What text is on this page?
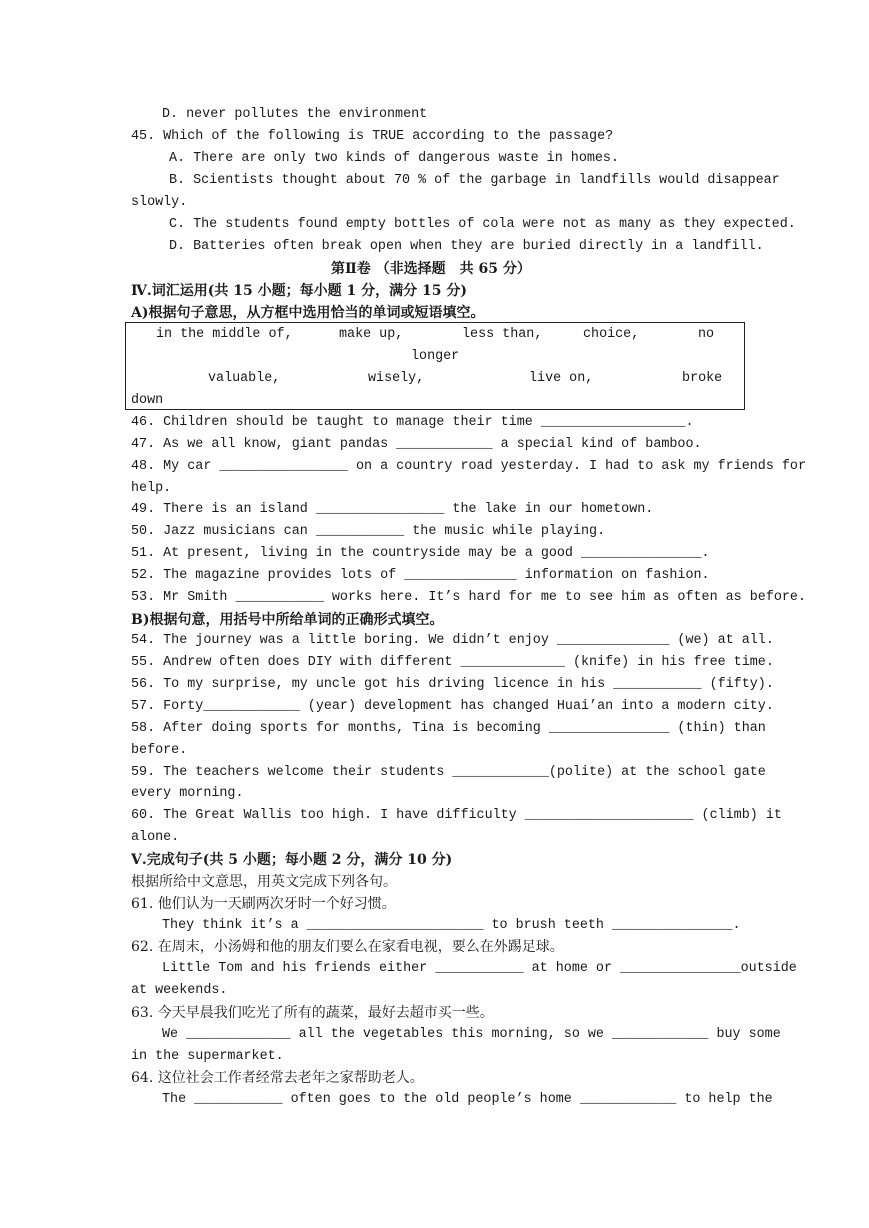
D. never pollutes the environment
45. Which of the following is TRUE according to the passage?
A. There are only two kinds of dangerous waste in homes.
B. Scientists thought about 70 % of the garbage in landfills would disappear
slowly.
C. The students found empty bottles of cola were not as many as they expected.
D. Batteries often break open when they are buried directly in a landfill.
第Ⅱ卷 （非选择题　共 65 分）
Ⅳ.词汇运用(共 15 小题；每小题 1 分，满分 15 分)
A)根据句子意思，从方框中选用恰当的单词或短语填空。
in the middle of,	make up,	less than,	choice,	no
longer
valuable,	wisely,	live on,	broke
down
46. Children should be taught to manage their time __________________.
47. As we all know, giant pandas ____________ a special kind of bamboo.
48. My car ________________ on a country road yesterday. I had to ask my friends for
help.
49. There is an island ________________ the lake in our hometown.
50. Jazz musicians can ___________ the music while playing.
51. At present, living in the countryside may be a good _______________.
52. The magazine provides lots of ______________ information on fashion.
53. Mr Smith ___________ works here. It’s hard for me to see him as often as before.
B)根据句意，用括号中所给单词的正确形式填空。
54. The journey was a little boring. We didn’t enjoy ______________ (we) at all.
55. Andrew often does DIY with different _____________ (knife) in his free time.
56. To my surprise, my uncle got his driving licence in his ___________ (fifty).
57. Forty____________ (year) development has changed Huai’an into a modern city.
58. After doing sports for months, Tina is becoming _______________ (thin) than
before.
59. The teachers welcome their students ____________(polite) at the school gate
every morning.
60. The Great Wallis too high. I have difficulty _____________________ (climb) it
alone.
Ⅴ.完成句子(共 5 小题；每小题 2 分，满分 10 分)
根据所给中文意思，用英文完成下列各句。
61. 他们认为一天刷两次牙时一个好习惯。
They think it’s a ______________________ to brush teeth _______________.
62. 在周末，小汤姆和他的朋友们要么在家看电视，要么在外踢足球。
Little Tom and his friends either ___________ at home or _______________outside
at weekends.
63. 今天早晨我们吃光了所有的蔬菜，最好去超市买一些。
We _____________ all the vegetables this morning, so we ____________ buy some
in the supermarket.
64. 这位社会工作者经常去老年之家帮助老人。
The ___________ often goes to the old people’s home ____________ to help the
